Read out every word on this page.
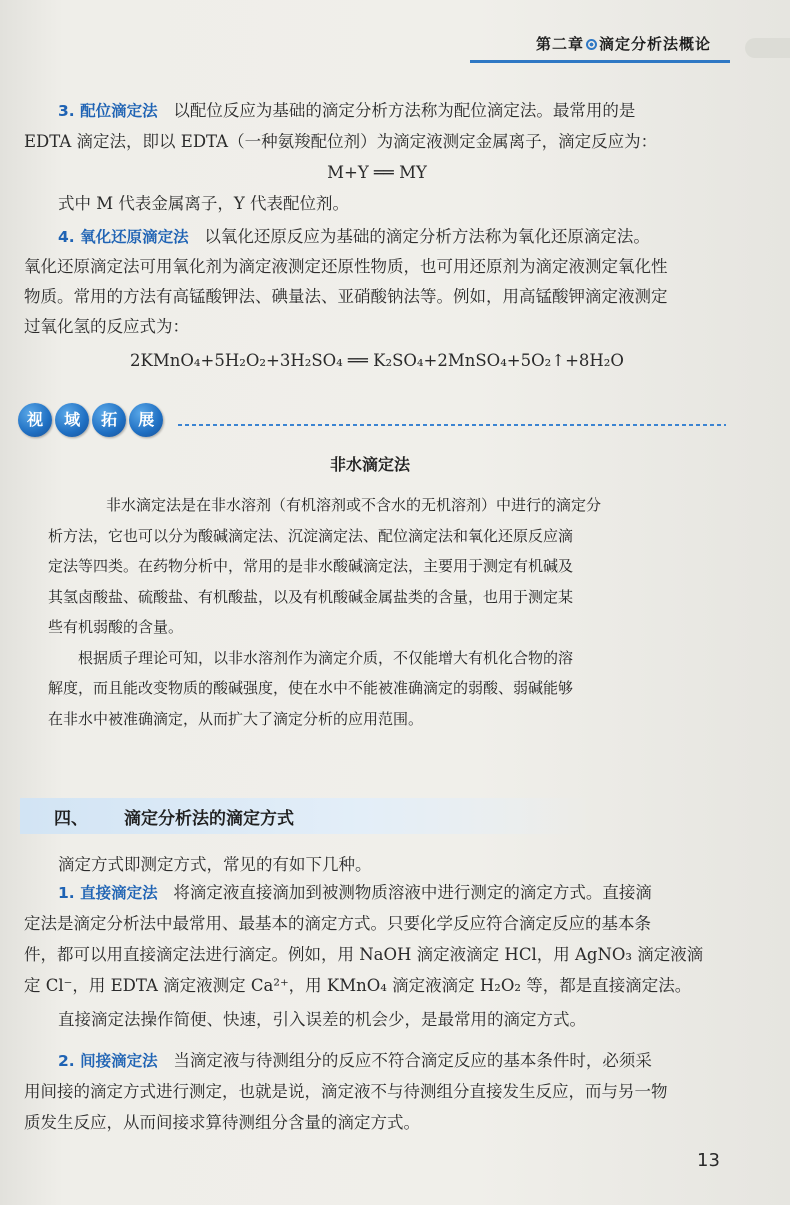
第二章 滴定分析法概论
3. 配位滴定法 以配位反应为基础的滴定分析方法称为配位滴定法。最常用的是
EDTA 滴定法，即以 EDTA（一种氨羧配位剂）为滴定液测定金属离子，滴定反应为：
M+Y ══ MY
式中 M 代表金属离子，Y 代表配位剂。
4. 氧化还原滴定法 以氧化还原反应为基础的滴定分析方法称为氧化还原滴定法。
氧化还原滴定法可用氧化剂为滴定液测定还原性物质，也可用还原剂为滴定液测定氧化性
物质。常用的方法有高锰酸钾法、碘量法、亚硝酸钠法等。例如，用高锰酸钾滴定液测定
过氧化氢的反应式为：
2KMnO₄+5H₂O₂+3H₂SO₄ ══ K₂SO₄+2MnSO₄+5O₂↑+8H₂O
视 域 拓 展
非水滴定法
非水滴定法是在非水溶剂（有机溶剂或不含水的无机溶剂）中进行的滴定分
析方法，它也可以分为酸碱滴定法、沉淀滴定法、配位滴定法和氧化还原反应滴
定法等四类。在药物分析中，常用的是非水酸碱滴定法，主要用于测定有机碱及
其氢卤酸盐、硫酸盐、有机酸盐，以及有机酸碱金属盐类的含量，也用于测定某
些有机弱酸的含量。
根据质子理论可知，以非水溶剂作为滴定介质，不仅能增大有机化合物的溶
解度，而且能改变物质的酸碱强度，使在水中不能被准确滴定的弱酸、弱碱能够
在非水中被准确滴定，从而扩大了滴定分析的应用范围。
四、 滴定分析法的滴定方式
滴定方式即测定方式，常见的有如下几种。
1. 直接滴定法 将滴定液直接滴加到被测物质溶液中进行测定的滴定方式。直接滴
定法是滴定分析法中最常用、最基本的滴定方式。只要化学反应符合滴定反应的基本条
件，都可以用直接滴定法进行滴定。例如，用 NaOH 滴定液滴定 HCl，用 AgNO₃ 滴定液滴
定 Cl⁻，用 EDTA 滴定液测定 Ca²⁺，用 KMnO₄ 滴定液滴定 H₂O₂ 等，都是直接滴定法。
直接滴定法操作简便、快速，引入误差的机会少，是最常用的滴定方式。
2. 间接滴定法 当滴定液与待测组分的反应不符合滴定反应的基本条件时，必须采
用间接的滴定方式进行测定，也就是说，滴定液不与待测组分直接发生反应，而与另一物
质发生反应，从而间接求算待测组分含量的滴定方式。
13
